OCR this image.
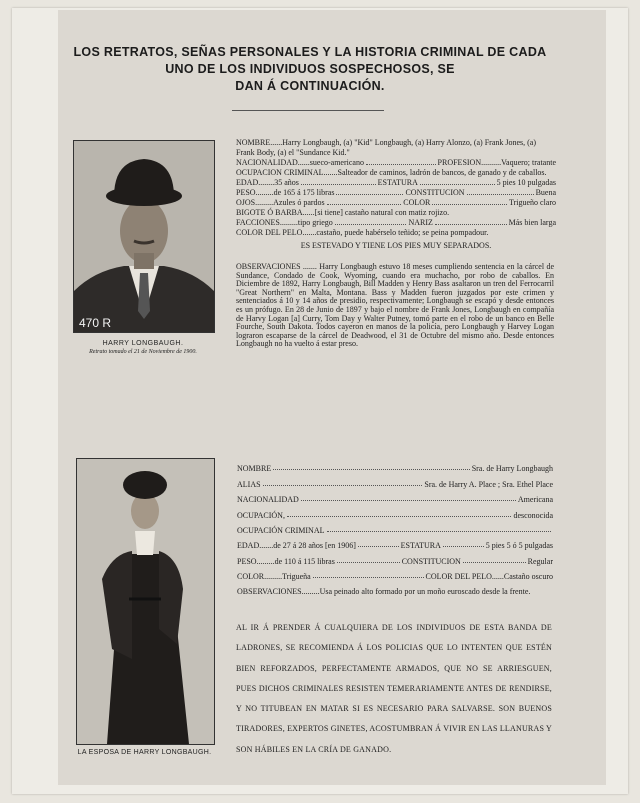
LOS RETRATOS, SEÑAS PERSONALES Y LA HISTORIA CRIMINAL DE CADA
UNO DE LOS INDIVIDUOS SOSPECHOSOS, SE
DAN Á CONTINUACIÓN.
470 R
HARRY LONGBAUGH.
Retrato tomado el 21 de Noviembre de 1900.

NOMBRE......Harry Longbaugh, (a) "Kid" Longbaugh, (a) Harry Alonzo, (a) Frank Jones, (a) Frank Body, (a) el "Sundance Kid."

NACIONALIDAD ...... sueco-americano	PROFESION .......... Vaquero; tratante

OCUPACION CRIMINAL.......Salteador de caminos, ladrón de bancos, de ganado y de caballos.

EDAD ........ 35 años	ESTATURA	5 pies 10 pulgadas
PESO ......... de 165 á 175 libras	CONSTITUCION	Buena
OJOS ......... Azules ó pardos	COLOR	Trigueño claro
BIGOTE Ó BARBA ...... [si tiene] castaño natural con matiz rojizo.
FACCIONES ......... tipo griego	NARIZ	Más bien larga
COLOR DEL PELO ....... castaño, puede habérselo teñido; se peina pompadour.
ES ESTEVADO Y TIENE LOS PIES MUY SEPARADOS.
OBSERVACIONES ....... Harry Longbaugh estuvo 18 meses cumpliendo sentencia en la cárcel de Sundance, Condado de Cook, Wyoming, cuando era muchacho, por robo de caballos. En Diciembre de 1892, Harry Longbaugh, Bill Madden y Henry Bass asaltaron un tren del Ferrocarril "Great Northern" en Malta, Montana. Bass y Madden fueron juzgados por este crimen y sentenciados á 10 y 14 años de presidio, respectivamente; Longbaugh se escapó y desde entonces es un prófugo. En 28 de Junio de 1897 y bajo el nombre de Frank Jones, Longbaugh en compañía de Harvy Logan [a] Curry, Tom Day y Walter Putney, tomó parte en el robo de un banco en Belle Fourche, South Dakota. Todos cayeron en manos de la policía, pero Longbaugh y Harvey Logan lograron escaparse de la cárcel de Deadwood, el 31 de Octubre del mismo año. Desde entonces Longbaugh no ha vuelto á estar preso.
LA ESPOSA DE HARRY LONGBAUGH.
NOMBRE	Sra. de Harry Longbaugh
ALIAS	Sra. de Harry A. Place ; Sra. Ethel Place
NACIONALIDAD	Americana
OCUPACIÓN,	desconocida
OCUPACIÓN CRIMINAL
EDAD ....... de 27 á 28 años [en 1906]	ESTATURA	5 pies 5 ó 5 pulgadas
PESO ......... de 110 á 115 libras	CONSTITUCION	Regular
COLOR ......... Trigueña	COLOR DEL PELO ...... Castaño oscuro
OBSERVACIONES.........Usa peinado alto formado por un moño euroscado desde la frente.
AL IR Á PRENDER Á CUALQUIERA DE LOS INDIVIDUOS DE ESTA BANDA DE LADRONES, SE RECOMIENDA Á LOS POLICIAS QUE LO INTENTEN QUE ESTÉN BIEN REFORZADOS, PERFECTAMENTE ARMADOS, QUE NO SE ARRIESGUEN, PUES DICHOS CRIMINALES RESISTEN TEMERARIAMENTE ANTES DE RENDIRSE, Y NO TITUBEAN EN MATAR SI ES NECESARIO PARA SALVARSE. SON BUENOS TIRADORES, EXPERTOS GINETES, ACOSTUMBRAN Á VIVIR EN LAS LLANURAS Y SON HÁBILES EN LA CRÍA DE GANADO.
